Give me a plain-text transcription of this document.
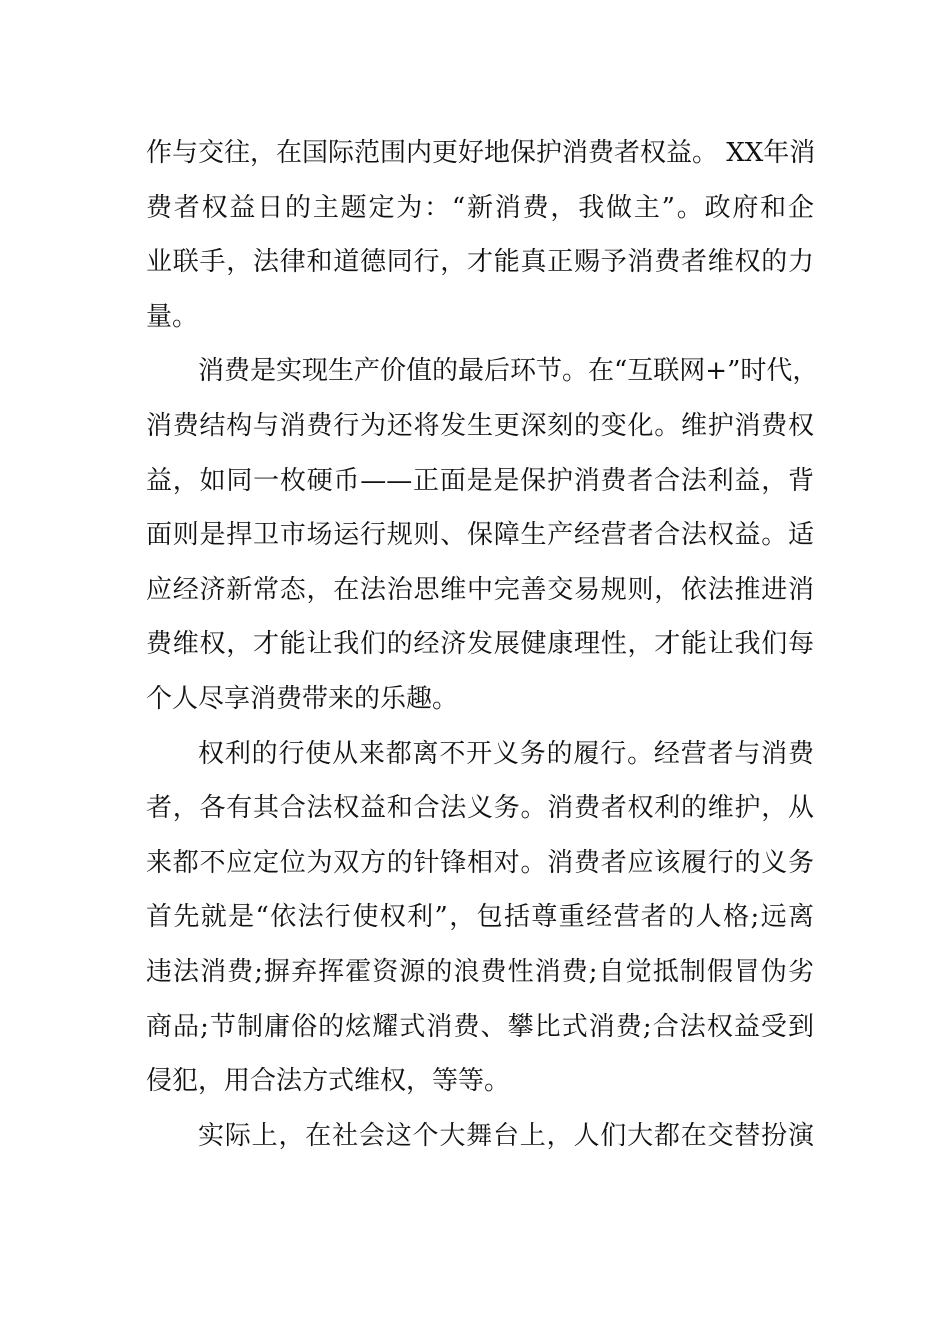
作与交往，在国际范围内更好地保护消费者权益。 XX年消
费者权益日的主题定为：“新消费，我做主”。政府和企
业联手，法律和道德同行，才能真正赐予消费者维权的力
量。
消费是实现生产价值的最后环节。在“互联网+”时代，
消费结构与消费行为还将发生更深刻的变化。维护消费权
益，如同一枚硬币——正面是是保护消费者合法利益，背
面则是捍卫市场运行规则、保障生产经营者合法权益。适
应经济新常态，在法治思维中完善交易规则，依法推进消
费维权，才能让我们的经济发展健康理性，才能让我们每
个人尽享消费带来的乐趣。
权利的行使从来都离不开义务的履行。经营者与消费
者，各有其合法权益和合法义务。消费者权利的维护，从
来都不应定位为双方的针锋相对。消费者应该履行的义务
首先就是“依法行使权利”，包括尊重经营者的人格;远离
违法消费;摒弃挥霍资源的浪费性消费;自觉抵制假冒伪劣
商品;节制庸俗的炫耀式消费、攀比式消费;合法权益受到
侵犯，用合法方式维权，等等。
实际上，在社会这个大舞台上，人们大都在交替扮演
